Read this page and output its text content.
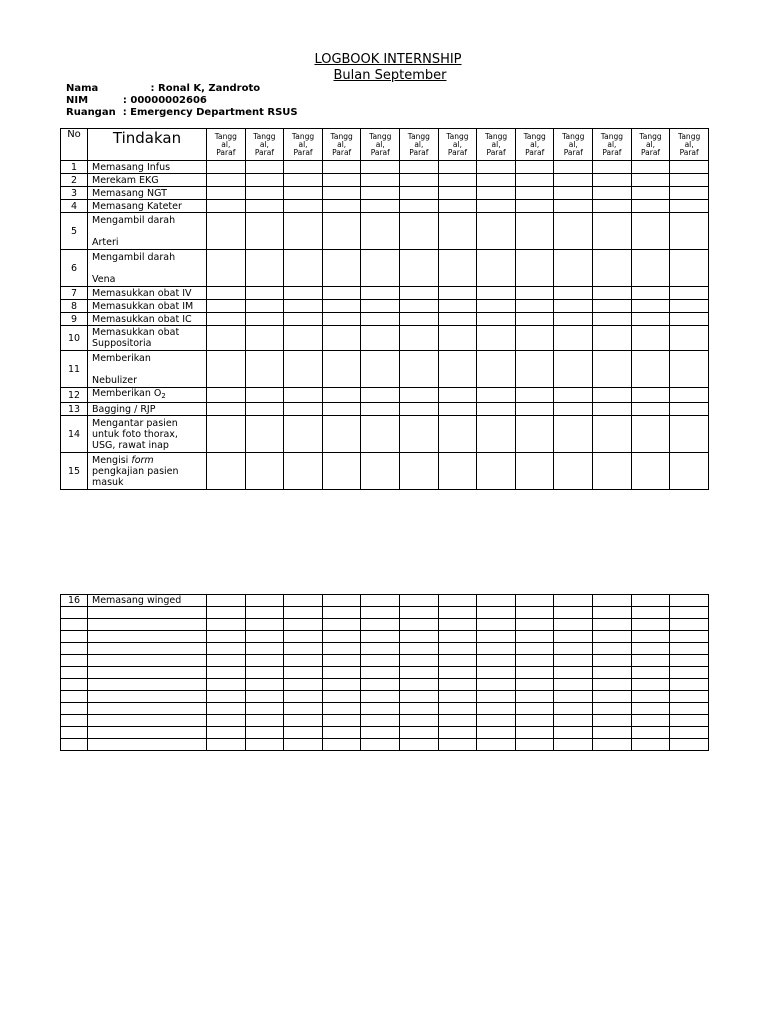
LOGBOOK INTERNSHIP
Bulan September
Nama	: Ronal K, Zandroto
NIM	: 00000002606
Ruangan : Emergency Department RSUS
No	Tindakan	Tangg
al,
Paraf	Tangg
al,
Paraf	Tangg
al,
Paraf	Tangg
al,
Paraf	Tangg
al,
Paraf	Tangg
al,
Paraf	Tangg
al,
Paraf	Tangg
al,
Paraf	Tangg
al,
Paraf	Tangg
al,
Paraf	Tangg
al,
Paraf	Tangg
al,
Paraf	Tangg
al,
Paraf
1	Memasang Infus													
2	Merekam EKG													
3	Memasang NGT													
4	Memasang Kateter													
5	Mengambil darah

Arteri													
6	Mengambil darah

Vena													
7	Memasukkan obat IV													
8	Memasukkan obat IM													
9	Memasukkan obat IC													
10	Memasukkan obat
Suppositoria													
11	Memberikan

Nebulizer													
12	Memberikan $O_2$													
13	Bagging / RJP													
14	Mengantar pasien
untuk foto thorax,
USG, rawat inap													
15	Mengisi form
pengkajian pasien
masuk													
16	Memasang winged													
